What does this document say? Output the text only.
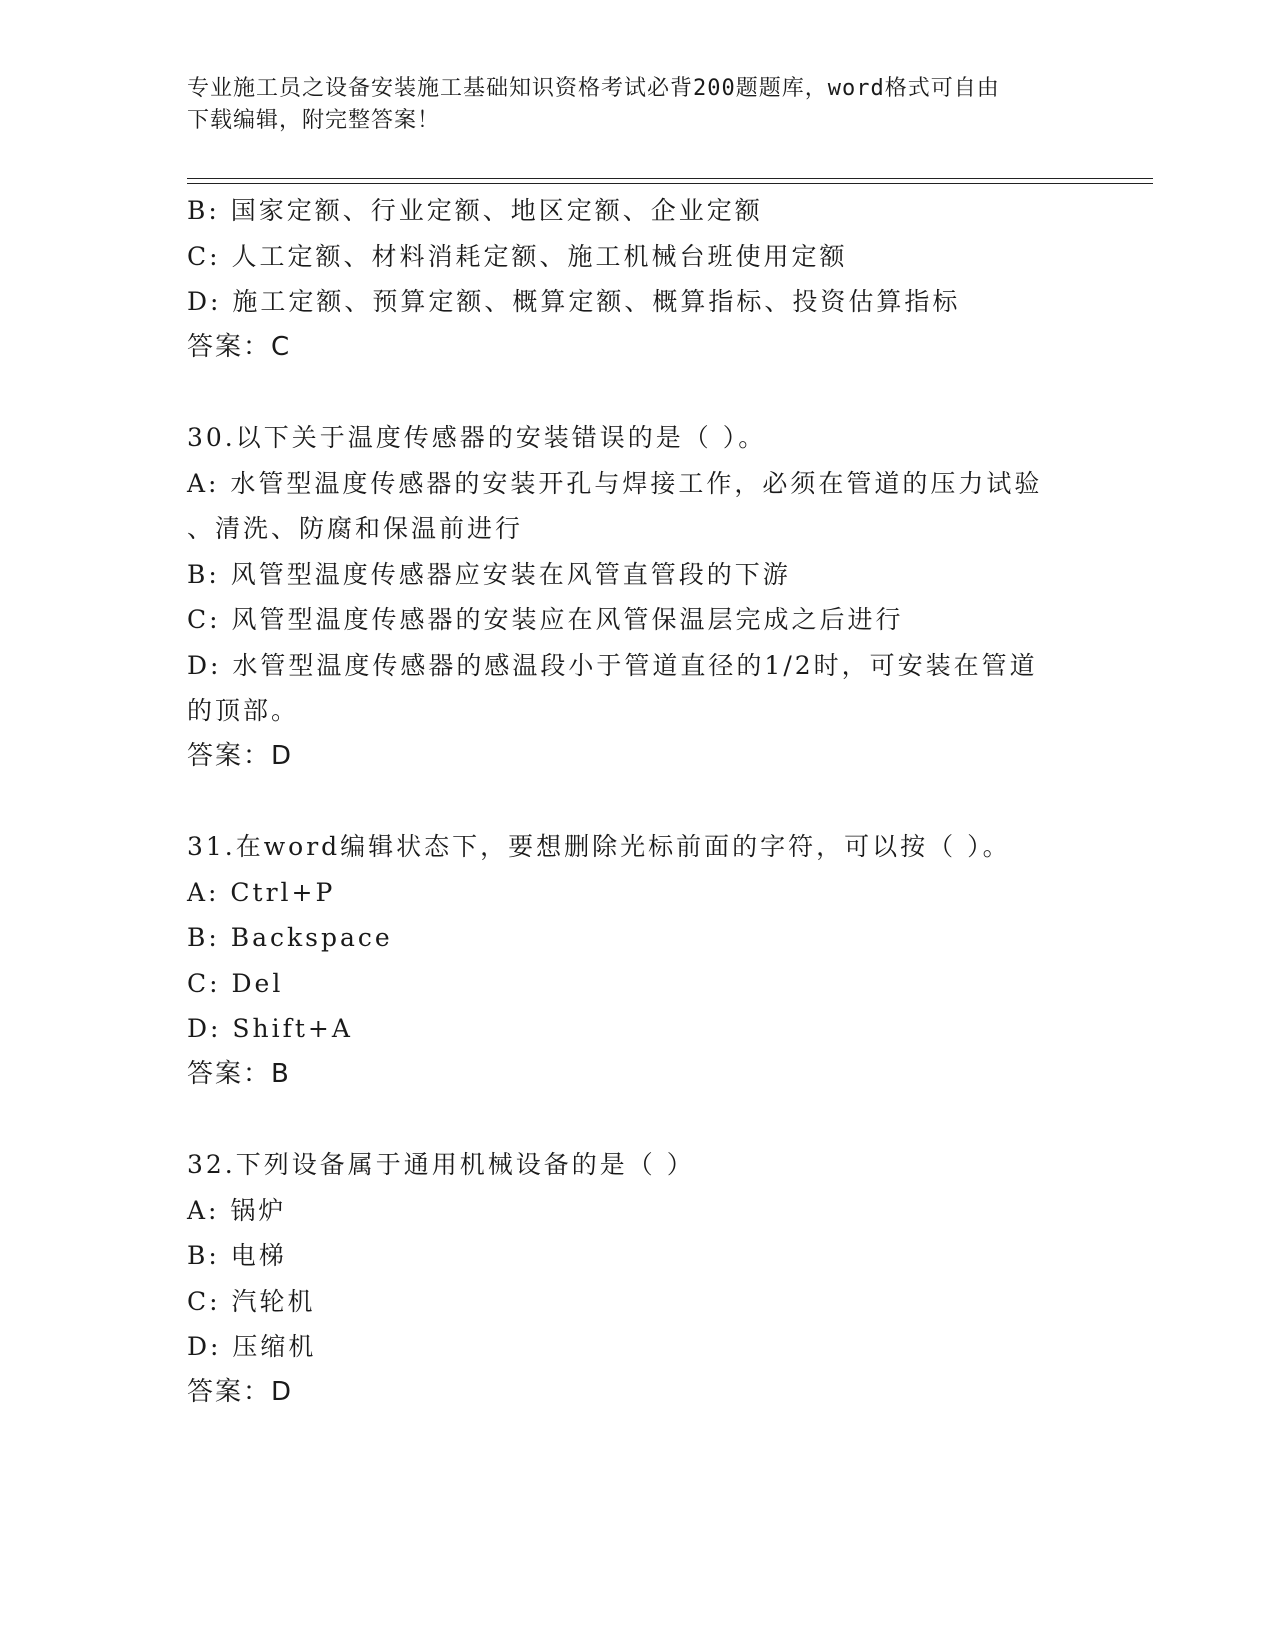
专业施工员之设备安装施工基础知识资格考试必背200题题库，word格式可自由
下载编辑，附完整答案！
B: 国家定额、行业定额、地区定额、企业定额
C: 人工定额、材料消耗定额、施工机械台班使用定额
D: 施工定额、预算定额、概算定额、概算指标、投资估算指标
答案：C
30.以下关于温度传感器的安装错误的是（ ）。
A: 水管型温度传感器的安装开孔与焊接工作，必须在管道的压力试验
、清洗、防腐和保温前进行
B: 风管型温度传感器应安装在风管直管段的下游
C: 风管型温度传感器的安装应在风管保温层完成之后进行
D: 水管型温度传感器的感温段小于管道直径的1/2时，可安装在管道
的顶部。
答案：D
31.在word编辑状态下，要想删除光标前面的字符，可以按（ ）。
A: Ctrl+P
B: Backspace
C: Del
D: Shift+A
答案：B
32.下列设备属于通用机械设备的是（ ）
A: 锅炉
B: 电梯
C: 汽轮机
D: 压缩机
答案：D
